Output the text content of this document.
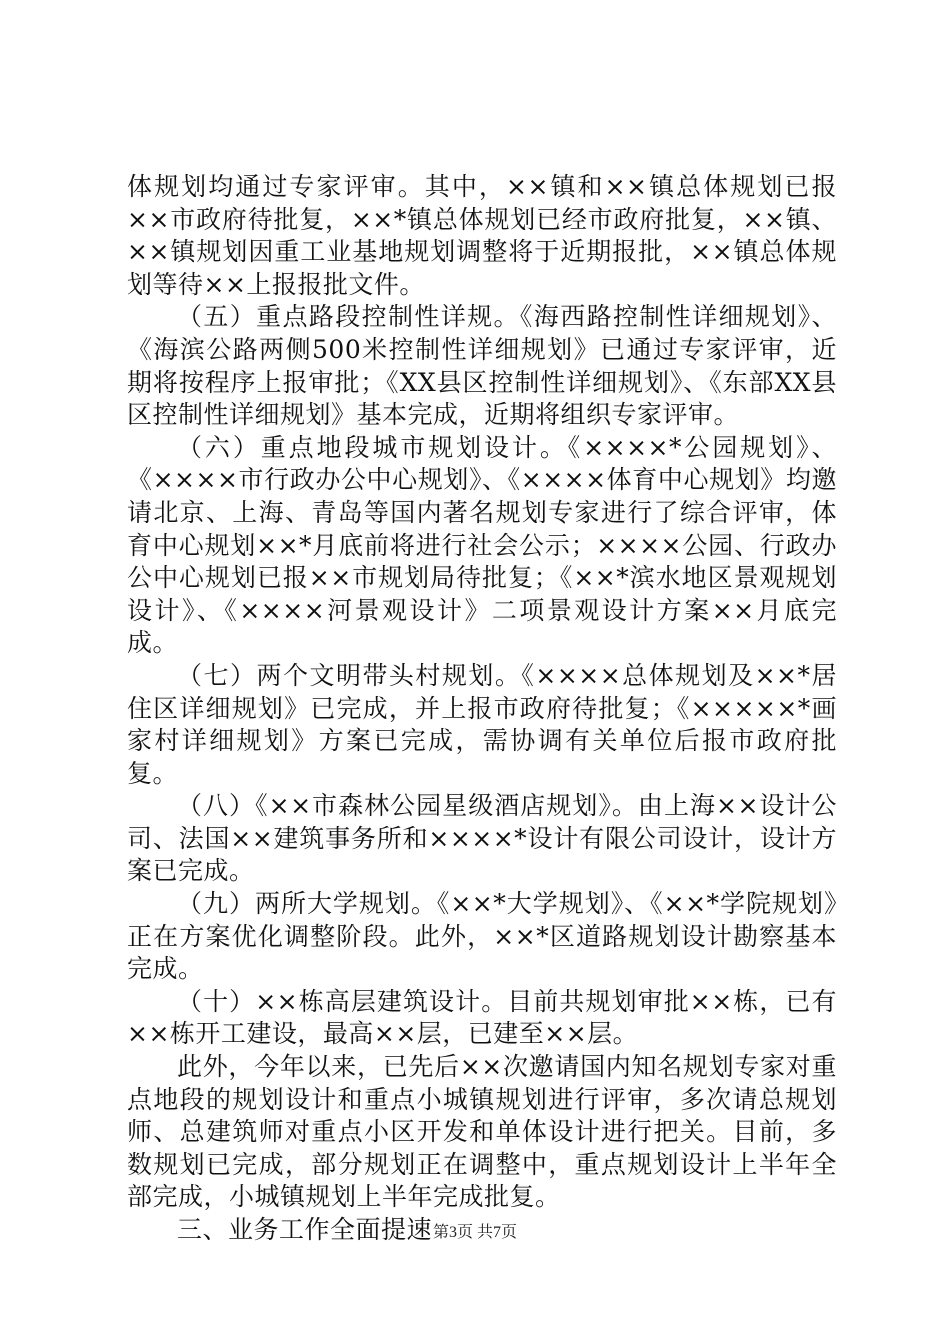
体规划均通过专家评审。其中，××镇和××镇总体规划已报××市政府待批复，××*镇总体规划已经市政府批复，××镇、××镇规划因重工业基地规划调整将于近期报批，××镇总体规划等待××上报报批文件。

（五）重点路段控制性详规。《海西路控制性详细规划》、《海滨公路两侧500米控制性详细规划》已通过专家评审，近期将按程序上报审批；《XX县区控制性详细规划》、《东部XX县区控制性详细规划》基本完成，近期将组织专家评审。

（六）重点地段城市规划设计。《××××*公园规划》、《××××市行政办公中心规划》、《××××体育中心规划》均邀请北京、上海、青岛等国内著名规划专家进行了综合评审，体育中心规划××*月底前将进行社会公示；××××公园、行政办公中心规划已报××市规划局待批复；《××*滨水地区景观规划设计》、《××××河景观设计》二项景观设计方案××月底完成。

（七）两个文明带头村规划。《××××总体规划及××*居住区详细规划》已完成，并上报市政府待批复；《×××××*画家村详细规划》方案已完成，需协调有关单位后报市政府批复。

（八）《××市森林公园星级酒店规划》。由上海××设计公司、法国××建筑事务所和××××*设计有限公司设计，设计方案已完成。

（九）两所大学规划。《××*大学规划》、《××*学院规划》正在方案优化调整阶段。此外，××*区道路规划设计勘察基本完成。

（十）××栋高层建筑设计。目前共规划审批××栋，已有××栋开工建设，最高××层，已建至××层。

此外，今年以来，已先后××次邀请国内知名规划专家对重点地段的规划设计和重点小城镇规划进行评审，多次请总规划师、总建筑师对重点小区开发和单体设计进行把关。目前，多数规划已完成，部分规划正在调整中，重点规划设计上半年全部完成，小城镇规划上半年完成批复。

三、业务工作全面提速 第3页 共7页
